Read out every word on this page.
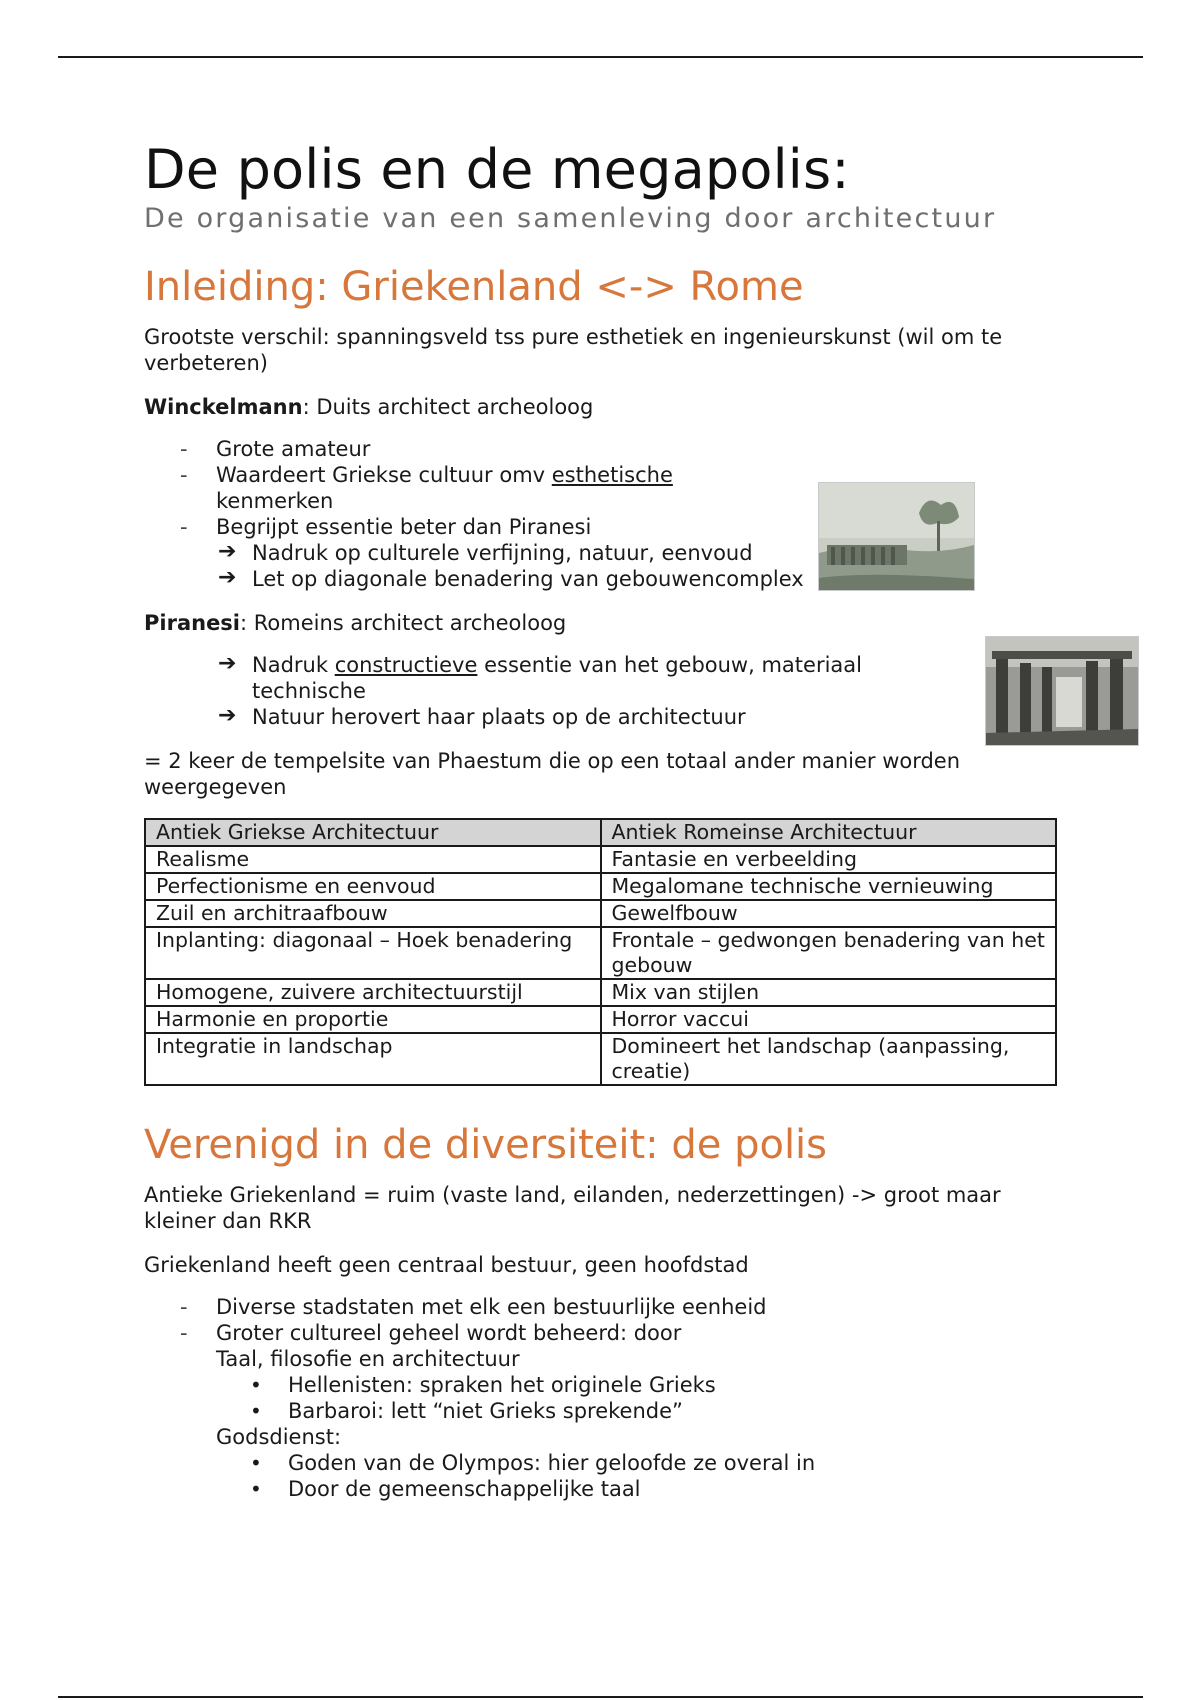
De polis en de megapolis:
De organisatie van een samenleving door architectuur
Inleiding: Griekenland <-> Rome

Grootste verschil: spanningsveld tss pure esthetiek en ingenieurskunst (wil om te verbeteren)

Winckelmann: Duits architect archeoloog

- Grote amateur
- Waardeert Griekse cultuur omv esthetische
kenmerken
- Begrijpt essentie beter dan Piranesi
➔ Nadruk op culturele verfijning, natuur, eenvoud
➔ Let op diagonale benadering van gebouwencomplex

Piranesi: Romeins architect archeoloog

➔ Nadruk constructieve essentie van het gebouw, materiaal
technische
➔ Natuur herovert haar plaats op de architectuur

= 2 keer de tempelsite van Phaestum die op een totaal ander manier worden weergegeven

Antiek Griekse Architectuur	Antiek Romeinse Architectuur
Realisme	Fantasie en verbeelding
Perfectionisme en eenvoud	Megalomane technische vernieuwing
Zuil en architraafbouw	Gewelfbouw
Inplanting: diagonaal – Hoek benadering	Frontale – gedwongen benadering van het gebouw
Homogene, zuivere architectuurstijl	Mix van stijlen
Harmonie en proportie	Horror vaccui
Integratie in landschap	Domineert het landschap (aanpassing, creatie)
Verenigd in de diversiteit: de polis

Antieke Griekenland = ruim (vaste land, eilanden, nederzettingen) -> groot maar kleiner dan RKR

Griekenland heeft geen centraal bestuur, geen hoofdstad

- Diverse stadstaten met elk een bestuurlijke eenheid
- Groter cultureel geheel wordt beheerd: door
Taal, filosofie en architectuur
• Hellenisten: spraken het originele Grieks
• Barbaroi: lett “niet Grieks sprekende”
Godsdienst:
• Goden van de Olympos: hier geloofde ze overal in
• Door de gemeenschappelijke taal
